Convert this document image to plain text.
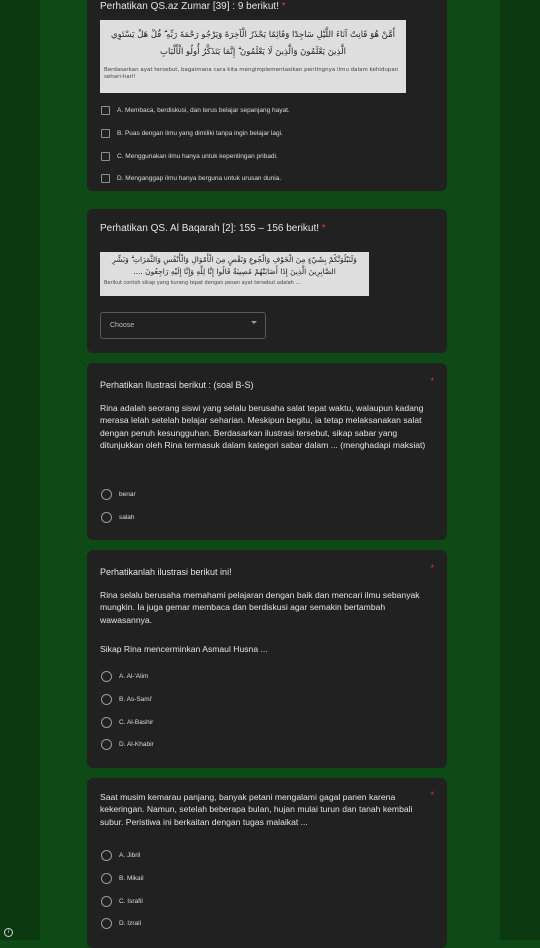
Perhatikan QS.az Zumar [39] : 9 berikut! *
أَمَّنْ هُوَ قَانِتٌ آنَاءَ اللَّيْلِ سَاجِدًا وَقَائِمًا يَحْذَرُ الْآخِرَةَ وَيَرْجُو رَحْمَةَ رَبِّهِ ۗ قُلْ هَلْ يَسْتَوِي
الَّذِينَ يَعْلَمُونَ وَالَّذِينَ لَا يَعْلَمُونَ ۗ إِنَّمَا يَتَذَكَّرُ أُولُو الْأَلْبَابِ
Berdasarkan ayat tersebut, bagaimana cara kita mengimplementasikan pentingnya ilmu dalam kehidupan sehari-hari!
A. Membaca, berdiskusi, dan terus belajar sepanjang hayat.
B. Puas dengan ilmu yang dimiliki tanpa ingin belajar lagi.
C. Menggunakan ilmu hanya untuk kepentingan pribadi.
D. Menganggap ilmu hanya berguna untuk urusan dunia.
Perhatikan QS. Al Baqarah [2]: 155 – 156 berikut! *
وَلَنَبْلُوَنَّكُمْ بِشَيْءٍ مِنَ الْخَوْفِ وَالْجُوعِ وَنَقْصٍ مِنَ الْأَمْوَالِ وَالْأَنْفُسِ وَالثَّمَرَاتِ ۗ وَبَشِّرِ
الصَّابِرِينَ الَّذِينَ إِذَا أَصَابَتْهُمْ مُصِيبَةٌ قَالُوا إِنَّا لِلَّهِ وَإِنَّا إِلَيْهِ رَاجِعُونَ ....
Berikut contoh sikap yang kurang tepat dengan pesan ayat tersebut adalah ....
Choose
Perhatikan Ilustrasi berikut : (soal B-S)	*
Rina adalah seorang siswi yang selalu berusaha salat tepat waktu, walaupun kadang merasa lelah setelah belajar seharian. Meskipun begitu, ia tetap melaksanakan salat dengan penuh kesungguhan. Berdasarkan ilustrasi tersebut, sikap sabar yang ditunjukkan oleh Rina termasuk dalam kategori sabar dalam ... (menghadapi maksiat)
benar
salah
Perhatikanlah ilustrasi berikut ini!	*
Rina selalu berusaha memahami pelajaran dengan baik dan mencari ilmu sebanyak mungkin. Ia juga gemar membaca dan berdiskusi agar semakin bertambah wawasannya.
Sikap Rina mencerminkan Asmaul Husna ...
A. Al-'Alim
B. As-Sami'
C. Al-Bashir
D. Al-Khabir
Saat musim kemarau panjang, banyak petani mengalami gagal panen karena kekeringan. Namun, setelah beberapa bulan, hujan mulai turun dan tanah kembali subur. Peristiwa ini berkaitan dengan tugas malaikat ...
*
A. Jibril
B. Mikail
C. Israfil
D. Izrail
i
